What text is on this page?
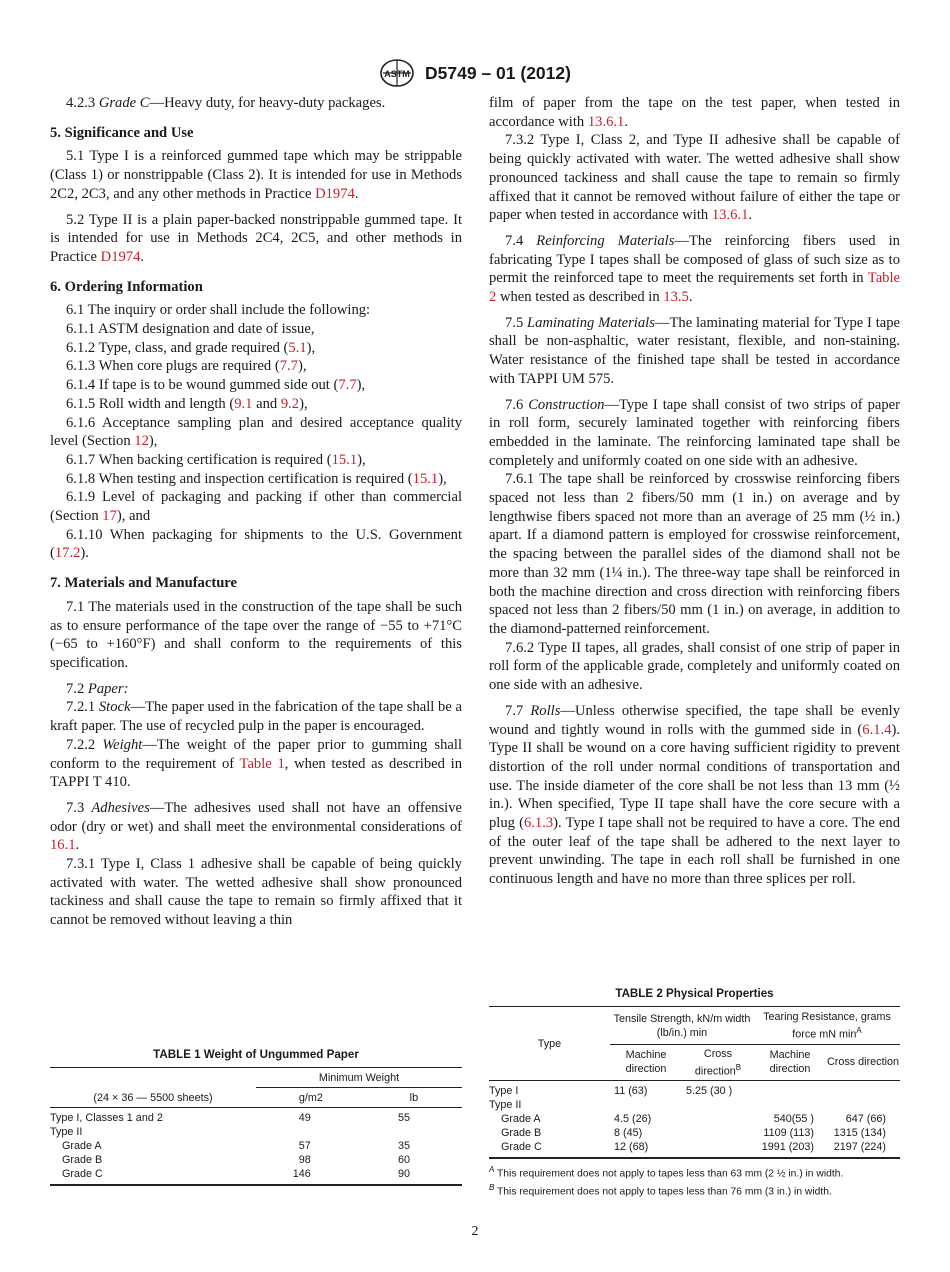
ASTM D5749 – 01 (2012)

4.2.3 Grade C—Heavy duty, for heavy-duty packages.

5. Significance and Use

5.1 Type I is a reinforced gummed tape which may be strippable (Class 1) or nonstrippable (Class 2). It is intended for use in Methods 2C2, 2C3, and any other methods in Practice D1974.

5.2 Type II is a plain paper-backed nonstrippable gummed tape. It is intended for use in Methods 2C4, 2C5, and other methods in Practice D1974.

6. Ordering Information

6.1 The inquiry or order shall include the following:

6.1.1 ASTM designation and date of issue,

6.1.2 Type, class, and grade required (5.1),

6.1.3 When core plugs are required (7.7),

6.1.4 If tape is to be wound gummed side out (7.7),

6.1.5 Roll width and length (9.1 and 9.2),

6.1.6 Acceptance sampling plan and desired acceptance quality level (Section 12),

6.1.7 When backing certification is required (15.1),

6.1.8 When testing and inspection certification is required (15.1),

6.1.9 Level of packaging and packing if other than commercial (Section 17), and

6.1.10 When packaging for shipments to the U.S. Government (17.2).

7. Materials and Manufacture

7.1 The materials used in the construction of the tape shall be such as to ensure performance of the tape over the range of −55 to +71°C (−65 to +160°F) and shall conform to the requirements of this specification.

7.2 Paper:

7.2.1 Stock—The paper used in the fabrication of the tape shall be a kraft paper. The use of recycled pulp in the paper is encouraged.

7.2.2 Weight—The weight of the paper prior to gumming shall conform to the requirement of Table 1, when tested as described in TAPPI T 410.

7.3 Adhesives—The adhesives used shall not have an offensive odor (dry or wet) and shall meet the environmental considerations of 16.1.

7.3.1 Type I, Class 1 adhesive shall be capable of being quickly activated with water. The wetted adhesive shall show pronounced tackiness and shall cause the tape to remain so firmly affixed that it cannot be removed without leaving a thin

film of paper from the tape on the test paper, when tested in accordance with 13.6.1.

7.3.2 Type I, Class 2, and Type II adhesive shall be capable of being quickly activated with water. The wetted adhesive shall show pronounced tackiness and shall cause the tape to remain so firmly affixed that it cannot be removed without failure of either the tape or paper when tested in accordance with 13.6.1.

7.4 Reinforcing Materials—The reinforcing fibers used in fabricating Type I tapes shall be composed of glass of such size as to permit the reinforced tape to meet the requirements set forth in Table 2 when tested as described in 13.5.

7.5 Laminating Materials—The laminating material for Type I tape shall be non-asphaltic, water resistant, flexible, and non-staining. Water resistance of the finished tape shall be tested in accordance with TAPPI UM 575.

7.6 Construction—Type I tape shall consist of two strips of paper in roll form, securely laminated together with reinforcing fibers embedded in the laminate. The reinforcing laminated tape shall be completely and uniformly coated on one side with an adhesive.

7.6.1 The tape shall be reinforced by crosswise reinforcing fibers spaced not less than 2 fibers/50 mm (1 in.) on average and by lengthwise fibers spaced not more than an average of 25 mm (½ in.) apart. If a diamond pattern is employed for crosswise reinforcement, the spacing between the parallel sides of the diamond shall not be more than 32 mm (1¼ in.). The three-way tape shall be reinforced in both the machine direction and cross direction with reinforcing fibers spaced not less than 2 fibers/50 mm (1 in.) on average, in addition to the diamond-patterned reinforcement.

7.6.2 Type II tapes, all grades, shall consist of one strip of paper in roll form of the applicable grade, completely and uniformly coated on one side with an adhesive.

7.7 Rolls—Unless otherwise specified, the tape shall be evenly wound and tightly wound in rolls with the gummed side in (6.1.4). Type II shall be wound on a core having sufficient rigidity to prevent distortion of the roll under normal conditions of transportation and use. The inside diameter of the core shall be not less than 13 mm (½ in.). When specified, Type II tape shall have the core secure with a plug (6.1.3). Type I tape shall not be required to have a core. The end of the outer leaf of the tape shall be adhered to the next layer to prevent unwinding. The tape in each roll shall be furnished in one continuous length and have no more than three splices per roll.

TABLE 1 Weight of Ungummed Paper
	Minimum Weight	
(24 × 36 — 5500 sheets)	g/m2	lb
Type I, Classes 1 and 2	49	55
Type II		
Grade A	57	35
Grade B	98	60
Grade C	146	90
TABLE 2 Physical Properties
Type	Tensile Strength, kN/m width (lb/in.) min		Tearing Resistance, grams force mN $\min^A$
	Machine direction	Cross direction$^B$	Machine direction	Cross direction
Type I	11 (63)	5.25 (30 )		
Type II				
Grade A	4.5 (26)		540(55 )	647 (66)
Grade B	8 (45)		1109 (113)	1315 (134)
Grade C	12 (68)		1991 (203)	2197 (224)
$^A$ This requirement does not apply to tapes less than 63 mm (2 ½ in.) in width.
$^B$ This requirement does not apply to tapes less than 76 mm (3 in.) in width.
2
